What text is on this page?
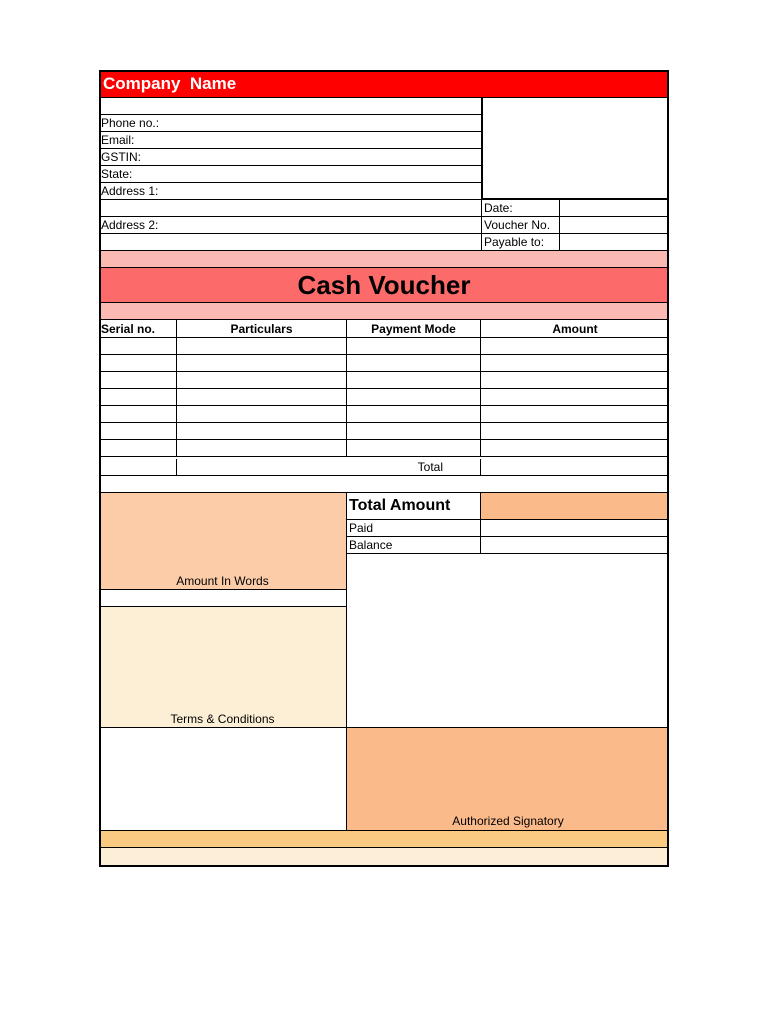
Company  Name
Phone no.:
Email:
GSTIN:
State:
Address 1:
Address 2:
Date:
Voucher No.
Payable to:
Cash Voucher
Serial no.	Particulars	Payment Mode	Amount
Total
Amount In Words
Terms & Conditions
Total Amount
Paid
Balance
Authorized Signatory
